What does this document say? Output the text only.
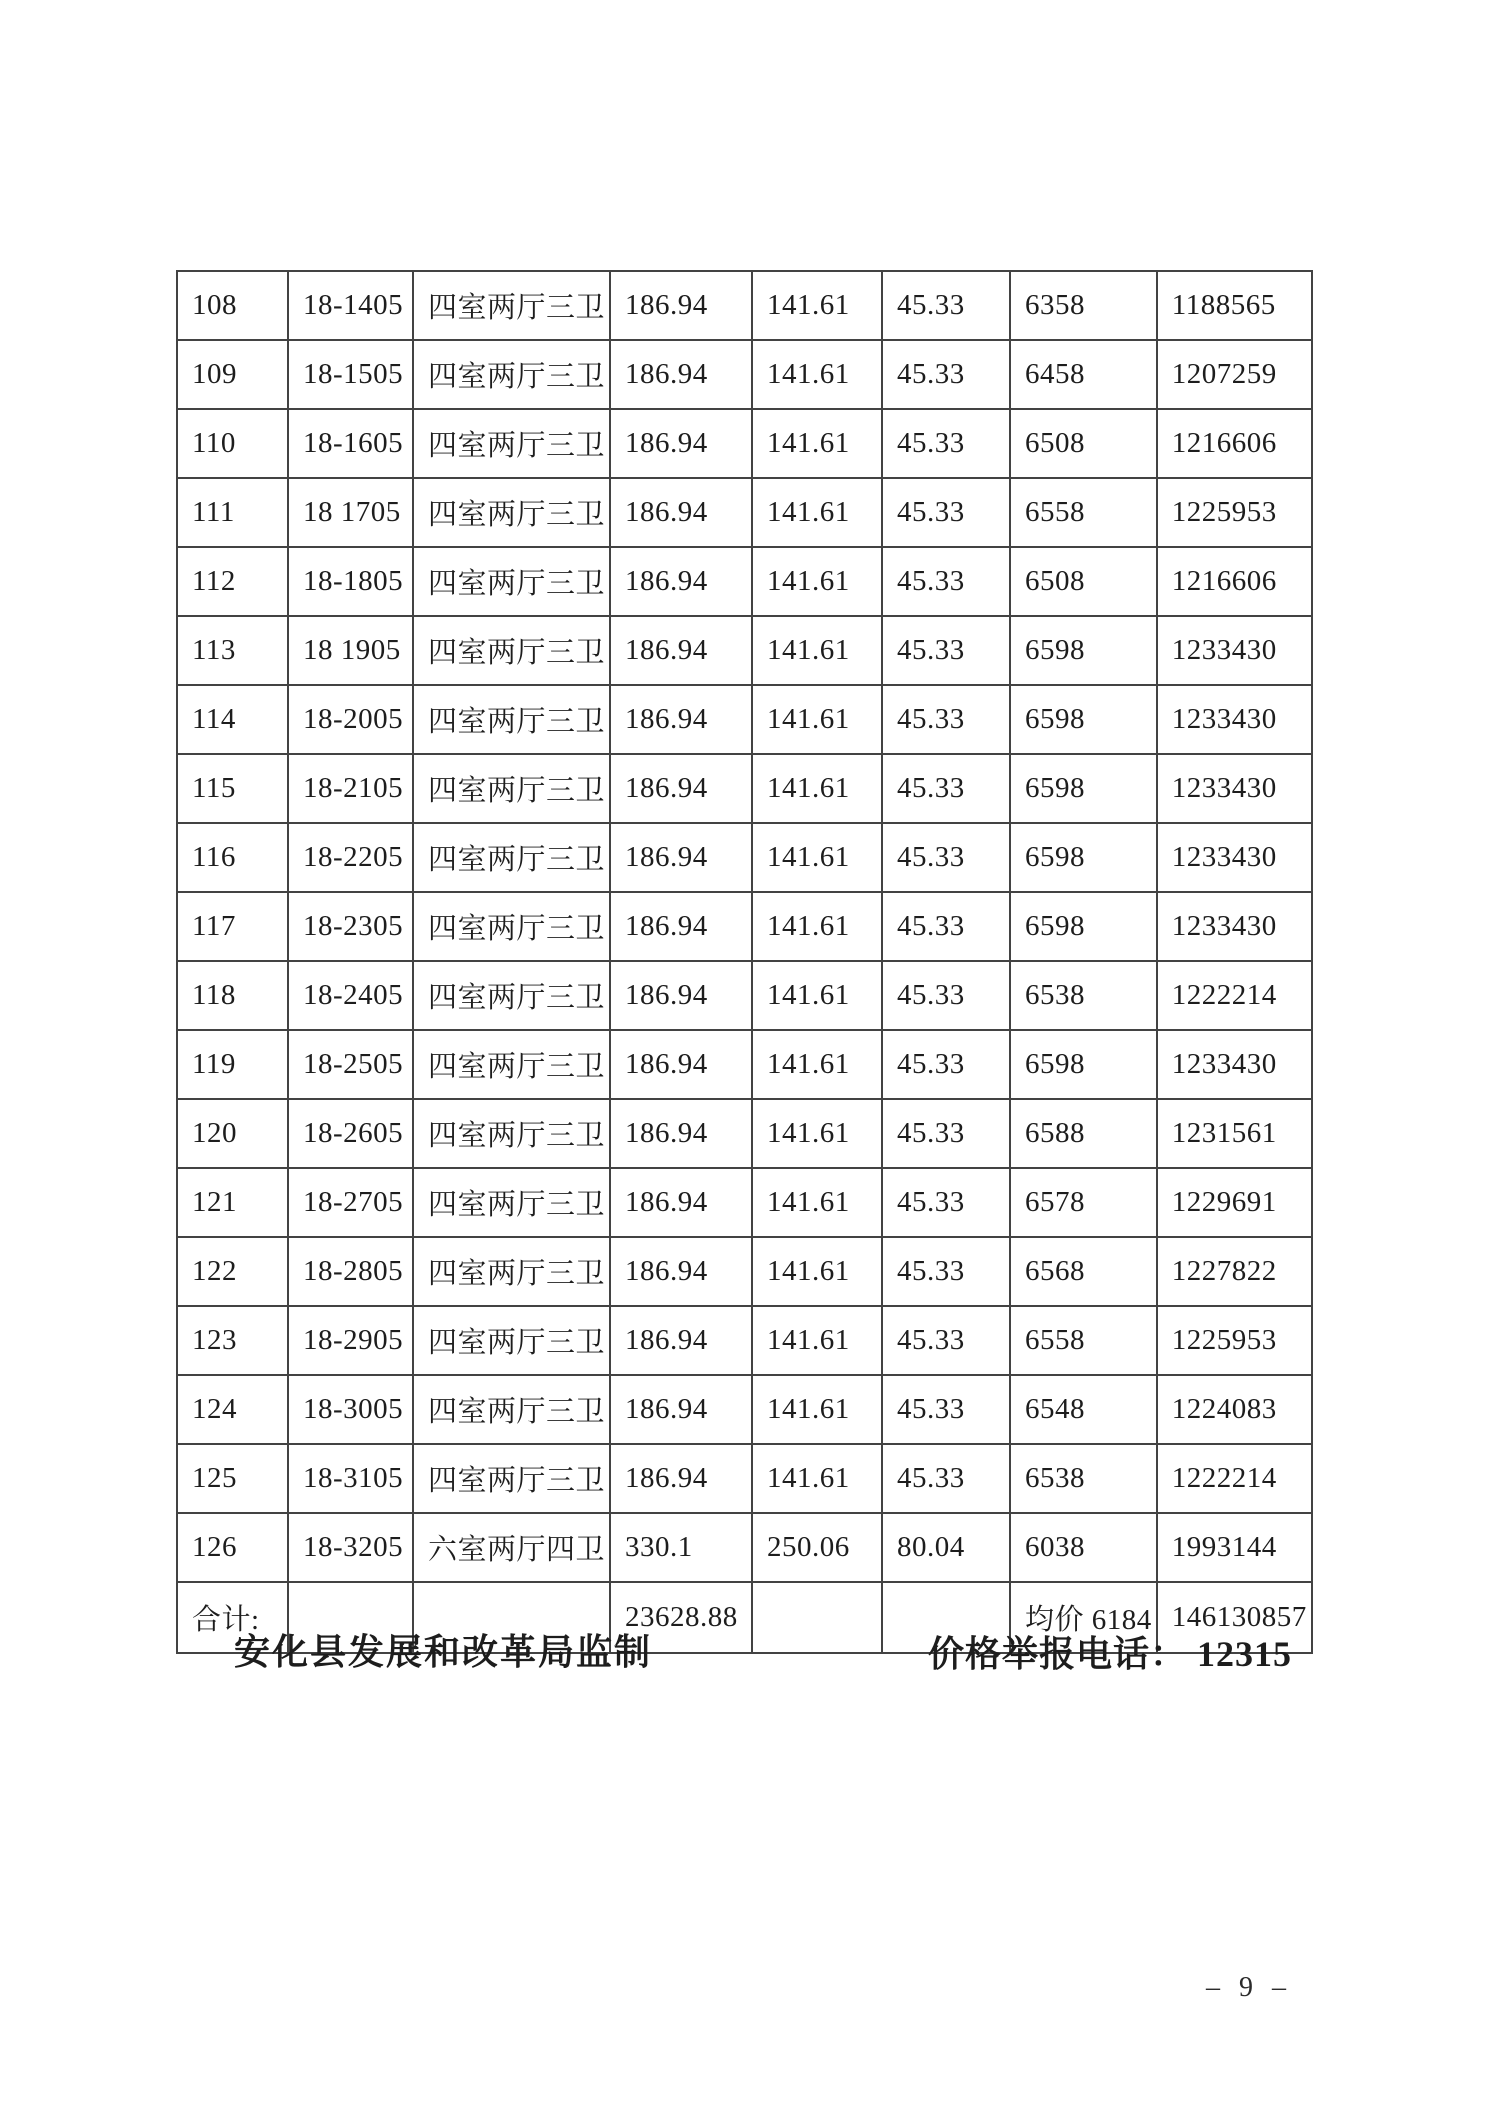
108	18-1405	四室两厅三卫	186.94	141.61	45.33	6358	1188565
109	18-1505	四室两厅三卫	186.94	141.61	45.33	6458	1207259
110	18-1605	四室两厅三卫	186.94	141.61	45.33	6508	1216606
111	18 1705	四室两厅三卫	186.94	141.61	45.33	6558	1225953
112	18-1805	四室两厅三卫	186.94	141.61	45.33	6508	1216606
113	18 1905	四室两厅三卫	186.94	141.61	45.33	6598	1233430
114	18-2005	四室两厅三卫	186.94	141.61	45.33	6598	1233430
115	18-2105	四室两厅三卫	186.94	141.61	45.33	6598	1233430
116	18-2205	四室两厅三卫	186.94	141.61	45.33	6598	1233430
117	18-2305	四室两厅三卫	186.94	141.61	45.33	6598	1233430
118	18-2405	四室两厅三卫	186.94	141.61	45.33	6538	1222214
119	18-2505	四室两厅三卫	186.94	141.61	45.33	6598	1233430
120	18-2605	四室两厅三卫	186.94	141.61	45.33	6588	1231561
121	18-2705	四室两厅三卫	186.94	141.61	45.33	6578	1229691
122	18-2805	四室两厅三卫	186.94	141.61	45.33	6568	1227822
123	18-2905	四室两厅三卫	186.94	141.61	45.33	6558	1225953
124	18-3005	四室两厅三卫	186.94	141.61	45.33	6548	1224083
125	18-3105	四室两厅三卫	186.94	141.61	45.33	6538	1222214
126	18-3205	六室两厅四卫	330.1	250.06	80.04	6038	1993144
合计:			23628.88			均价 6184	146130857
安化县发展和改革局监制	价格举报电话： 12315
– 9 –
